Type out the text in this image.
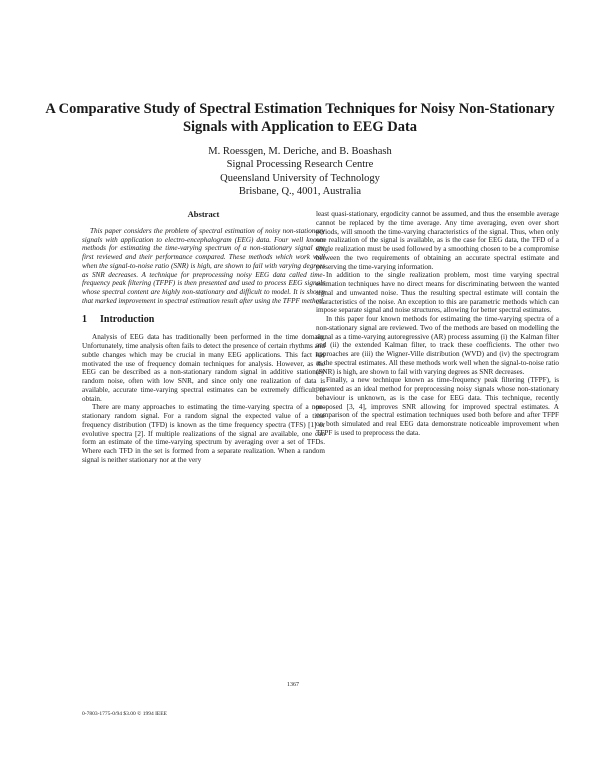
A Comparative Study of Spectral Estimation Techniques for Noisy Non-Stationary Signals with Application to EEG Data
M. Roessgen, M. Deriche, and B. Boashash
Signal Processing Research Centre
Queensland University of Technology
Brisbane, Q., 4001, Australia
Abstract

This paper considers the problem of spectral estimation of noisy non-stationary signals with application to electro-encephalogram (EEG) data. Four well known methods for estimating the time-varying spectrum of a non-stationary signal are first reviewed and their performance compared. These methods which work well when the signal-to-noise ratio (SNR) is high, are shown to fail with varying degrees as SNR decreases. A technique for preprocessing noisy EEG data called time-frequency peak filtering (TFPF) is then presented and used to process EEG signals whose spectral content are highly non-stationary and difficult to model. It is shown that marked improvement in spectral estimation result after using the TFPF method.

1 Introduction

Analysis of EEG data has traditionally been performed in the time domain. Unfortunately, time analysis often fails to detect the presence of certain rhythms and subtle changes which may be crucial in many EEG applications. This fact has motivated the use of frequency domain techniques for analysis. However, as the EEG can be described as a non-stationary random signal in additive stationary random noise, often with low SNR, and since only one realization of data is available, accurate time-varying spectral estimates can be extremely difficult to obtain.

There are many approaches to estimating the time-varying spectra of a non-stationary random signal. For a random signal the expected value of a time frequency distribution (TFD) is known as the time frequency spectra (TFS) [1] or evolutive spectra [2]. If multiple realizations of the signal are available, one can form an estimate of the time-varying spectrum by averaging over a set of TFDs. Where each TFD in the set is formed from a separate realization. When a random signal is neither stationary nor at the very

least quasi-stationary, ergodicity cannot be assumed, and thus the ensemble average cannot be replaced by the time average. Any time averaging, even over short periods, will smooth the time-varying characteristics of the signal. Thus, when only one realization of the signal is available, as is the case for EEG data, the TFD of a single realization must be used followed by a smoothing chosen to be a compromise between the two requirements of obtaining an accurate spectral estimate and preserving the time-varying information.

In addition to the single realization problem, most time varying spectral estimation techniques have no direct means for discriminating between the wanted signal and unwanted noise. Thus the resulting spectral estimate will contain the characteristics of the noise. An exception to this are parametric methods which can impose separate signal and noise structures, allowing for better spectral estimates.

In this paper four known methods for estimating the time-varying spectra of a non-stationary signal are reviewed. Two of the methods are based on modelling the signal as a time-varying autoregressive (AR) process assuming (i) the Kalman filter and (ii) the extended Kalman filter, to track these coefficients. The other two approaches are (iii) the Wigner-Ville distribution (WVD) and (iv) the spectrogram as the spectral estimates. All these methods work well when the signal-to-noise ratio (SNR) is high, are shown to fail with varying degrees as SNR decreases.

Finally, a new technique known as time-frequency peak filtering (TFPF), is presented as an ideal method for preprocessing noisy signals whose non-stationary behaviour is unknown, as is the case for EEG data. This technique, recently proposed [3, 4], improves SNR allowing for improved spectral estimates. A comparison of the spectral estimation techniques used both before and after TFPF on both simulated and real EEG data demonstrate noticeable improvement when TFPF is used to preprocess the data.

1367
0-7803-1775-0/94 $3.00 © 1994 IEEE
